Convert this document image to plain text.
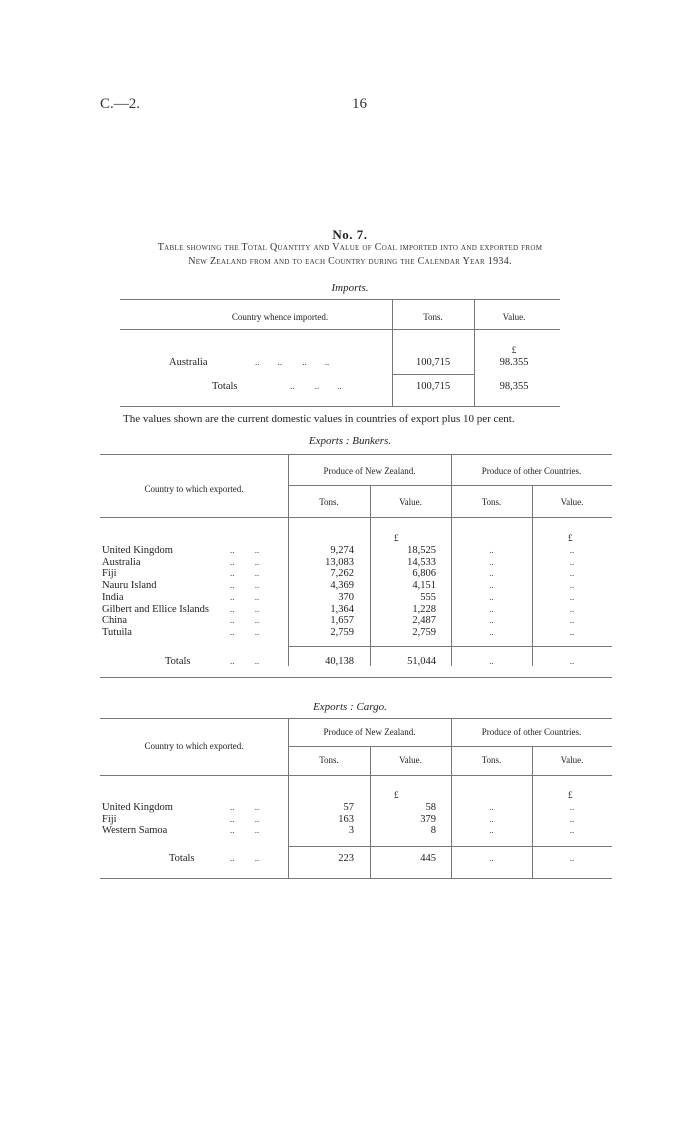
C.—2.	16
No. 7.
Table showing the Total Quantity and Value of Coal imported into and exported from
New Zealand from and to each Country during the Calendar Year 1934.
Imports.
Country whence imported.	Tons.	Value.
£
Australia	..        ..         ..        ..	100,715	98.355
Totals	..         ..        ..	100,715	98,355
The values shown are the current domestic values in countries of export plus 10 per cent.
Exports : Bunkers.
Country to which exported.
Produce of New Zealand.	Produce of other Countries.
Tons.	Value.	Tons.	Value.
£	£
United Kingdom	..         ..	9,274	18,525	..	..
Australia	..         ..	13,083	14,533	..	..
Fiji	..         ..	7,262	6,806	..	..
Nauru Island	..         ..	4,369	4,151	..	..
India	..         ..	370	555	..	..
Gilbert and Ellice Islands ..         ..	1,364	1,228	..	..
China	..         ..	1,657	2,487	..	..
Tutuila	..         ..	2,759	2,759	..	..
Totals	..         ..	40,138	51,044	..	..
Exports : Cargo.
Country to which exported.
Produce of New Zealand.	Produce of other Countries.
Tons.	Value.	Tons.	Value.
£	£
United Kingdom	..         ..	57	58	..	..
Fiji	..         ..	163	379	..	..
Western Samoa	..         ..	3	8	..	..
Totals	..         ..	223	445	..	..
